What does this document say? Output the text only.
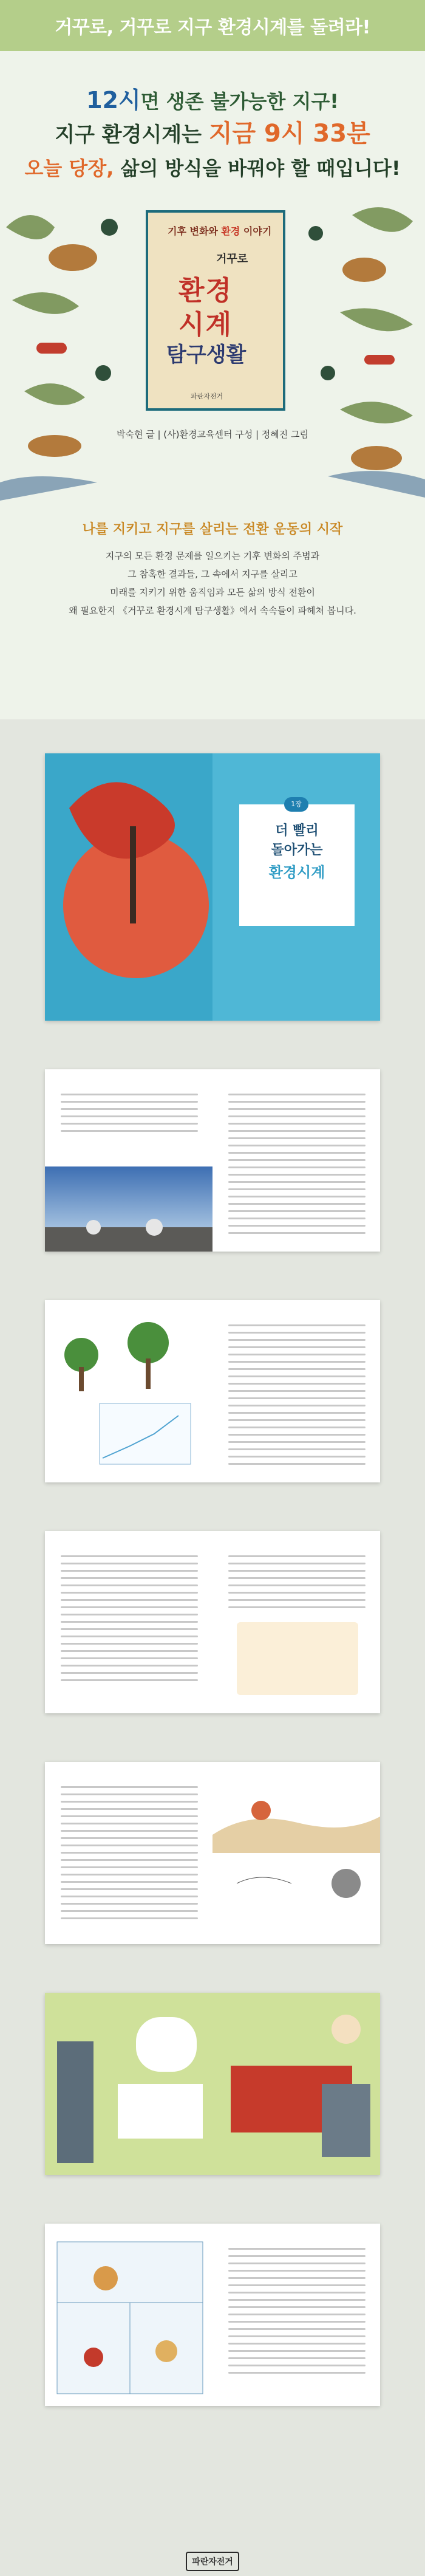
거꾸로, 거꾸로 지구 환경시계를 돌려라!
12시면 생존 불가능한 지구!
지구 환경시계는 지금 9시 33분
오늘 당장, 삶의 방식을 바꿔야 할 때입니다!
기후 변화와 환경 이야기
거꾸로
환경
시계
탐구생활
파란자전거
박숙현 글 | (사)환경교육센터 구성 | 정혜진 그림
나를 지키고 지구를 살리는 전환 운동의 시작
지구의 모든 환경 문제를 일으키는 기후 변화의 주범과
그 참혹한 결과들, 그 속에서 지구를 살리고
미래를 지키기 위한 움직임과 모든 삶의 방식 전환이
왜 필요한지 《거꾸로 환경시계 탐구생활》에서 속속들이 파헤쳐 봅니다.
1장
더 빨리
돌아가는
환경시계
파란자전거
